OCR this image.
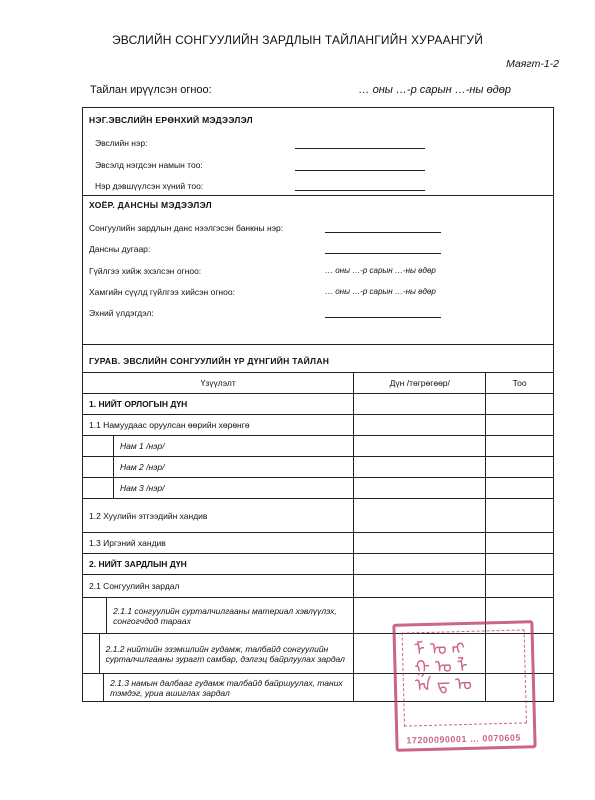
ЭВСЛИЙН СОНГУУЛИЙН ЗАРДЛЫН ТАЙЛАНГИЙН ХУРААНГУЙ
Маягт-1-2
Тайлан ирүүлсэн огноо:	… оны …-р сарын …-ны өдөр
НЭГ.ЭВСЛИЙН ЕРӨНХИЙ МЭДЭЭЛЭЛ
Эвслийн нэр:
Эвсэлд нэгдсэн намын тоо:
Нэр дэвшүүлсэн хүний тоо:
ХОЁР. ДАНСНЫ МЭДЭЭЛЭЛ
Сонгуулийн зардлын данс нээлгэсэн банкны нэр:
Дансны дугаар:
Гүйлгээ хийж эхэлсэн огноо:	… оны …-р сарын …-ны өдөр
Хамгийн сүүлд гүйлгээ хийсэн огноо:	… оны …-р сарын …-ны өдөр
Эхний үлдэгдэл:
ГУРАВ. ЭВСЛИЙН СОНГУУЛИЙН ҮР ДҮНГИЙН ТАЙЛАН
Үзүүлэлт	Дүн /төгрөгөөр/	Тоо
1. НИЙТ ОРЛОГЫН ДҮН		
1.1 Намуудаас оруулсан өөрийн хөрөнгө		

Нам 1 /нэр/		

Нам 2 /нэр/		

Нам 3 /нэр/		

1.2 Хуулийн этгээдийн хандив		
1.3 Иргэний хандив		
2. НИЙТ ЗАРДЛЫН ДҮН		
2.1 Сонгуулийн зардал		

2.1.1 сонгуулийн сурталчилгааны материал хэвлүүлэх, сонгогчдод тараах		

2.1.2 нийтийн эзэмшлийн гудамж, талбайд сонгуулийн сурталчилгааны зурагт самбар, дэлгэц байрлуулах зардал		

2.1.3 намын далбааг гудамж талбайд байршуулах, таних тэмдэг, уриа ашиглах зардал		

ᠮ ᠣ ᠩ
ᠭ ᠤ ᠯ
ᠠ ᠳ ᠤ
17200090001 … 0070605
